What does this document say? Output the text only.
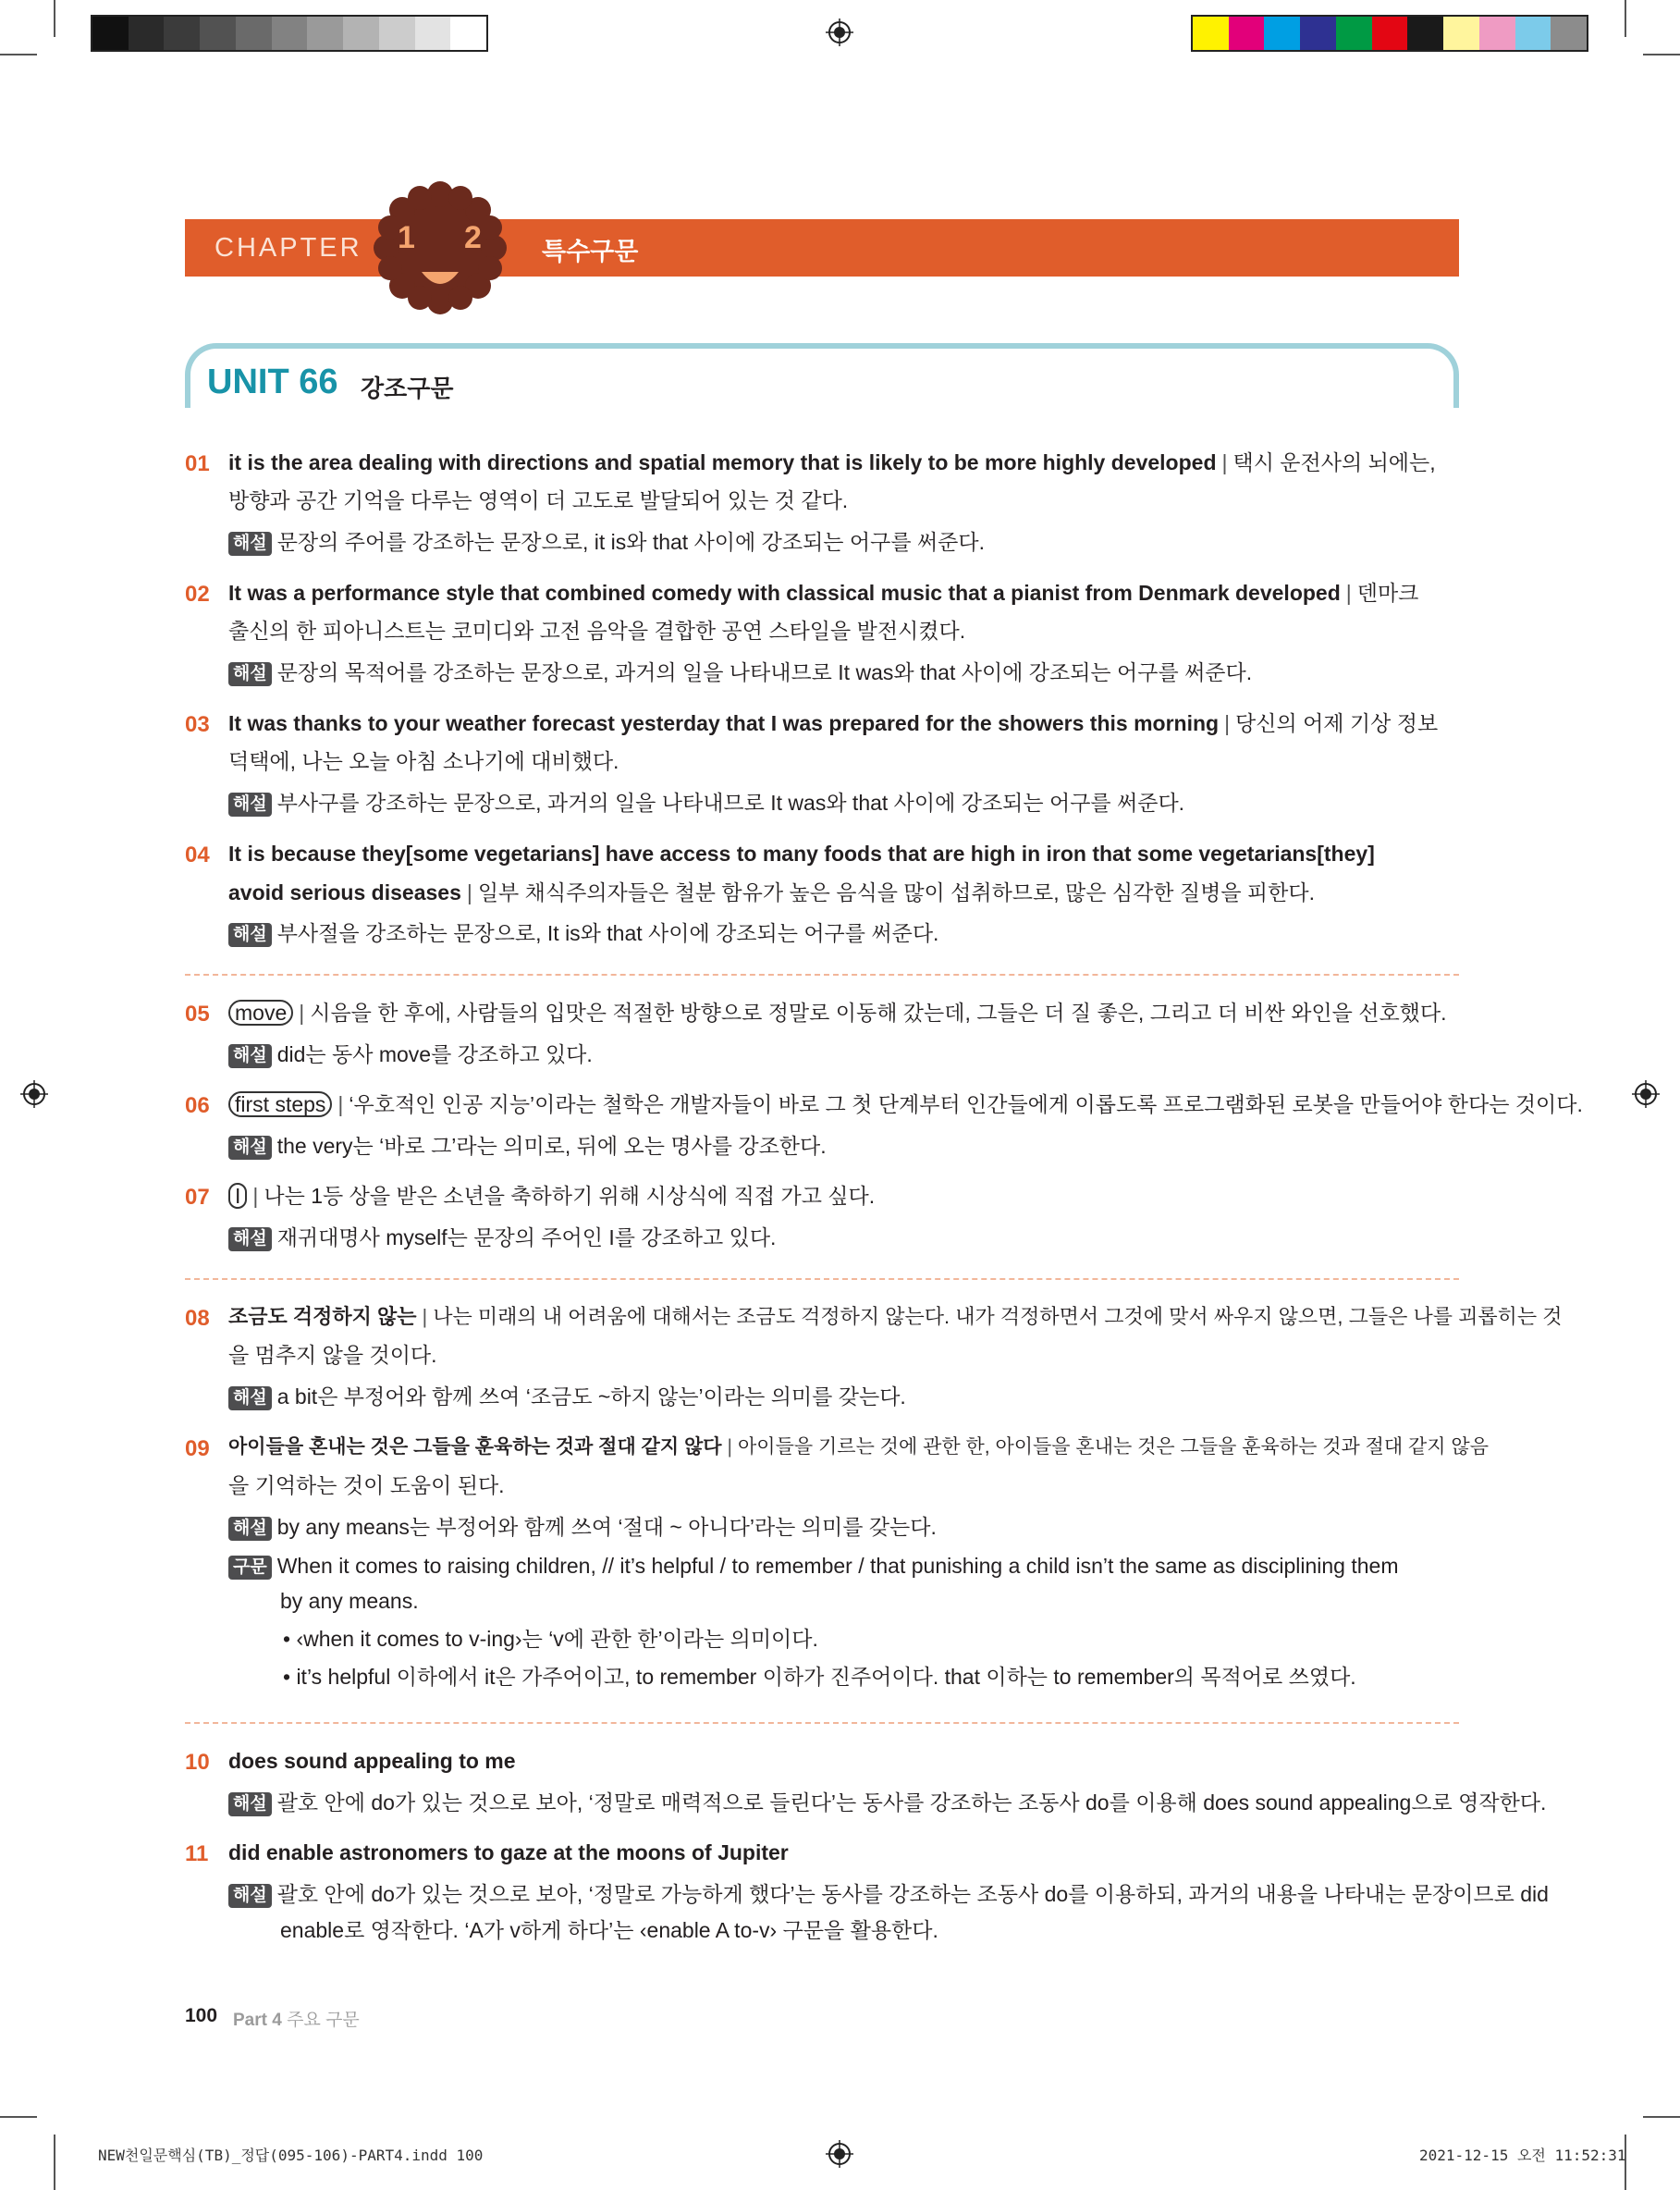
CHAPTER 1 2 특수구문
UNIT 66 강조구문
01 it is the area dealing with directions and spatial memory that is likely to be more highly developed | 택시 운전사의 뇌에는,
방향과 공간 기억을 다루는 영역이 더 고도로 발달되어 있는 것 같다.
해설 문장의 주어를 강조하는 문장으로, it is와 that 사이에 강조되는 어구를 써준다.
02 It was a performance style that combined comedy with classical music that a pianist from Denmark developed | 덴마크
출신의 한 피아니스트는 코미디와 고전 음악을 결합한 공연 스타일을 발전시켰다.
해설 문장의 목적어를 강조하는 문장으로, 과거의 일을 나타내므로 It was와 that 사이에 강조되는 어구를 써준다.
03 It was thanks to your weather forecast yesterday that I was prepared for the showers this morning | 당신의 어제 기상 정보
덕택에, 나는 오늘 아침 소나기에 대비했다.
해설 부사구를 강조하는 문장으로, 과거의 일을 나타내므로 It was와 that 사이에 강조되는 어구를 써준다.
04 It is because they[some vegetarians] have access to many foods that are high in iron that some vegetarians[they]
avoid serious diseases | 일부 채식주의자들은 철분 함유가 높은 음식을 많이 섭취하므로, 많은 심각한 질병을 피한다.
해설 부사절을 강조하는 문장으로, It is와 that 사이에 강조되는 어구를 써준다.
05	move | 시음을 한 후에, 사람들의 입맛은 적절한 방향으로 정말로 이동해 갔는데, 그들은 더 질 좋은, 그리고 더 비싼 와인을 선호했다.
해설 did는 동사 move를 강조하고 있다.
06	first steps | ‘우호적인 인공 지능’이라는 철학은 개발자들이 바로 그 첫 단계부터 인간들에게 이롭도록 프로그램화된 로봇을 만들어야 한다는 것이다.
해설 the very는 ‘바로 그’라는 의미로, 뒤에 오는 명사를 강조한다.
07	I | 나는 1등 상을 받은 소년을 축하하기 위해 시상식에 직접 가고 싶다.
해설 재귀대명사 myself는 문장의 주어인 I를 강조하고 있다.
08 조금도 걱정하지 않는 | 나는 미래의 내 어려움에 대해서는 조금도 걱정하지 않는다. 내가 걱정하면서 그것에 맞서 싸우지 않으면, 그들은 나를 괴롭히는 것
을 멈추지 않을 것이다.
해설 a bit은 부정어와 함께 쓰여 ‘조금도 ~하지 않는’이라는 의미를 갖는다.
09 아이들을 혼내는 것은 그들을 훈육하는 것과 절대 같지 않다 | 아이들을 기르는 것에 관한 한, 아이들을 혼내는 것은 그들을 훈육하는 것과 절대 같지 않음
을 기억하는 것이 도움이 된다.
해설 by any means는 부정어와 함께 쓰여 ‘절대 ~ 아니다’라는 의미를 갖는다.
구문 When it comes to raising children, // it’s helpful / to remember / that punishing a child isn’t the same as disciplining them
by any means.
• ‹when it comes to v-ing›는 ‘v에 관한 한’이라는 의미이다.
• it’s helpful 이하에서 it은 가주어이고, to remember 이하가 진주어이다. that 이하는 to remember의 목적어로 쓰였다.
10 does sound appealing to me
해설 괄호 안에 do가 있는 것으로 보아, ‘정말로 매력적으로 들린다’는 동사를 강조하는 조동사 do를 이용해 does sound appealing으로 영작한다.
11 did enable astronomers to gaze at the moons of Jupiter
해설 괄호 안에 do가 있는 것으로 보아, ‘정말로 가능하게 했다’는 동사를 강조하는 조동사 do를 이용하되, 과거의 내용을 나타내는 문장이므로 did
enable로 영작한다. ‘A가 v하게 하다’는 ‹enable A to-v› 구문을 활용한다.
100 Part 4 주요 구문
NEW천일문핵심(TB)_정답(095-106)-PART4.indd 100	2021-12-15 오전 11:52:31
